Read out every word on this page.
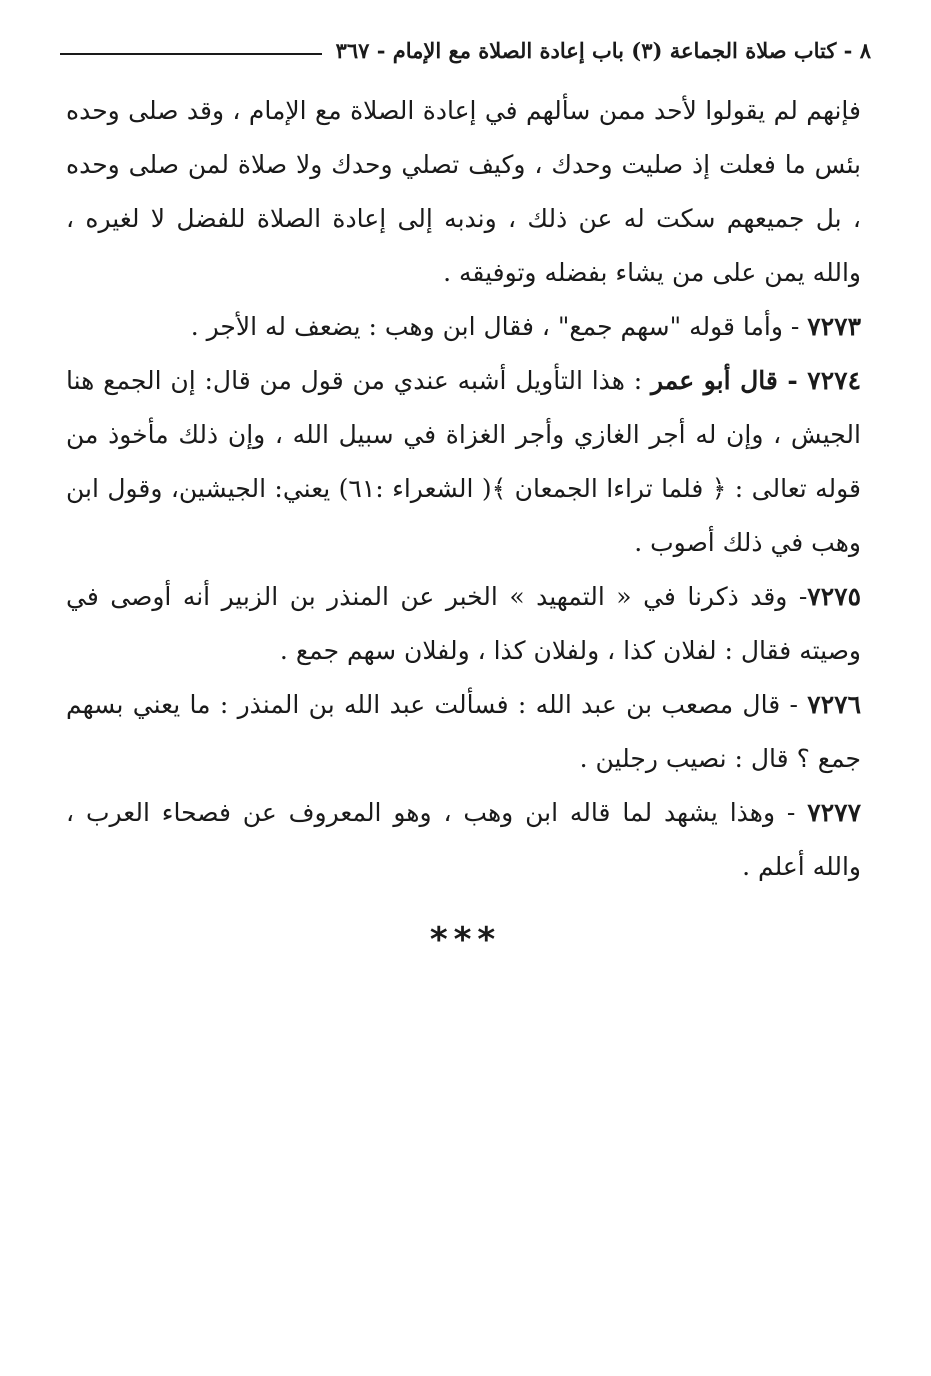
٨ - كتاب صلاة الجماعة (٣) باب إعادة الصلاة مع الإمام - ٣٦٧

فإنهم لم يقولوا لأحد ممن سألهم في إعادة الصلاة مع الإمام ، وقد صلى وحده بئس ما فعلت إذ صليت وحدك ، وكيف تصلي وحدك ولا صلاة لمن صلى وحده ، بل جميعهم سكت له عن ذلك ، وندبه إلى إعادة الصلاة للفضل لا لغيره ، والله يمن على من يشاء بفضله وتوفيقه .

٧٢٧٣ - وأما قوله "سهم جمع" ، فقال ابن وهب : يضعف له الأجر .

٧٢٧٤ - قال أبو عمر : هذا التأويل أشبه عندي من قول من قال: إن الجمع هنا الجيش ، وإن له أجر الغازي وأجر الغزاة في سبيل الله ، وإن ذلك مأخوذ من قوله تعالى : ﴿ فلما تراءا الجمعان ﴾( الشعراء :٦١) يعني: الجيشين، وقول ابن وهب في ذلك أصوب .

٧٢٧٥- وقد ذكرنا في « التمهيد » الخبر عن المنذر بن الزبير أنه أوصى في وصيته فقال : لفلان كذا ، ولفلان كذا ، ولفلان سهم جمع .

٧٢٧٦ - قال مصعب بن عبد الله : فسألت عبد الله بن المنذر : ما يعني بسهم جمع ؟ قال : نصيب رجلين .

٧٢٧٧ - وهذا يشهد لما قاله ابن وهب ، وهو المعروف عن فصحاء العرب ، والله أعلم .

***
